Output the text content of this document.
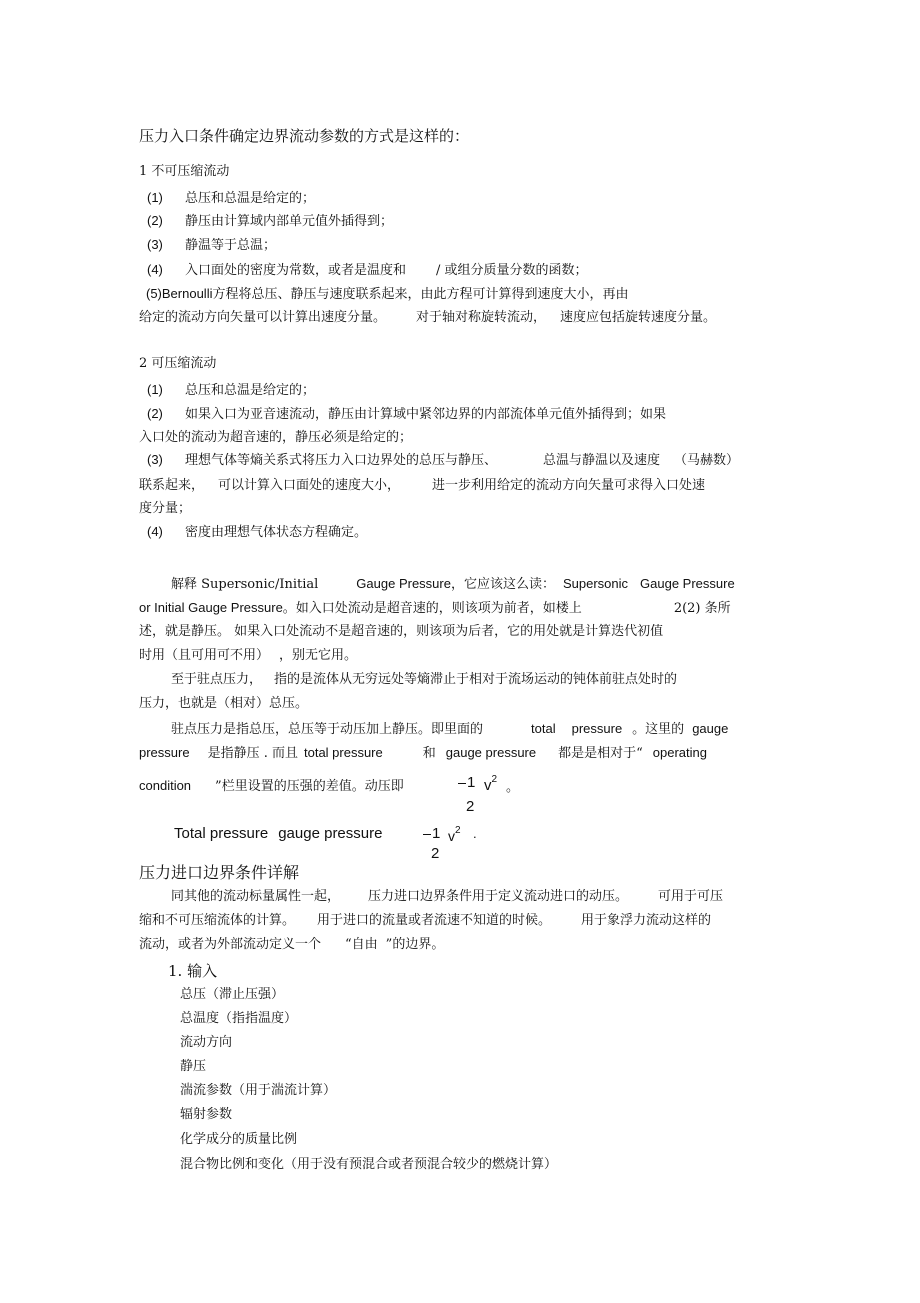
压力入口条件确定边界流动参数的方式是这样的：
1 不可压缩流动
(1) 总压和总温是给定的；
(2) 静压由计算域内部单元值外插得到；
(3) 静温等于总温；
(4) 入口面处的密度为常数，或者是温度和 / 或组分质量分数的函数；
(5)Bernoulli方程将总压、静压与速度联系起来，由此方程可计算得到速度大小，再由
给定的流动方向矢量可以计算出速度分量。 对于轴对称旋转流动， 速度应包括旋转速度分量。
2 可压缩流动
(1) 总压和总温是给定的；
(2) 如果入口为亚音速流动，静压由计算域中紧邻边界的内部流体单元值外插得到；如果
入口处的流动为超音速的，静压必须是给定的；
(3) 理想气体等熵关系式将压力入口边界处的总压与静压、	总温与静温以及速度 （马赫数）
联系起来， 可以计算入口面处的速度大小， 进一步利用给定的流动方向矢量可求得入口处速
度分量；
(4) 密度由理想气体状态方程确定。
解释 Supersonic/Initial	Gauge Pressure，它应该这么读： Supersonic Gauge Pressure
or Initial Gauge Pressure。如入口处流动是超音速的，则该项为前者，如楼上	2(2) 条所
述，就是静压。 如果入口处流动不是超音速的，则该项为后者，它的用处就是计算迭代初值
时用（且可用可不用） ，别无它用。
至于驻点压力， 指的是流体从无穷远处等熵滞止于相对于流场运动的钝体前驻点处时的
压力，也就是（相对）总压。
驻点压力是指总压，总压等于动压加上静压。即里面的	total pressure 。这里的 gauge
pressure 是指静压 . 而且 total pressure	和 gauge pressure 都是是相对于“ operating
condition ”栏里设置的压强的差值。动压即	1 $v^2$ 。
2
Total pressure gauge pressure	1 $v^2$ .
2
压力进口边界条件详解
同其他的流动标量属性一起， 压力进口边界条件用于定义流动进口的动压。 可用于可压
缩和不可压缩流体的计算。 用于进口的流量或者流速不知道的时候。 用于象浮力流动这样的
流动，或者为外部流动定义一个 “自由 ”的边界。
1. 输入
总压（滞止压强）
总温度（指指温度）
流动方向
静压
湍流参数（用于湍流计算）
辐射参数
化学成分的质量比例
混合物比例和变化（用于没有预混合或者预混合较少的燃烧计算）
